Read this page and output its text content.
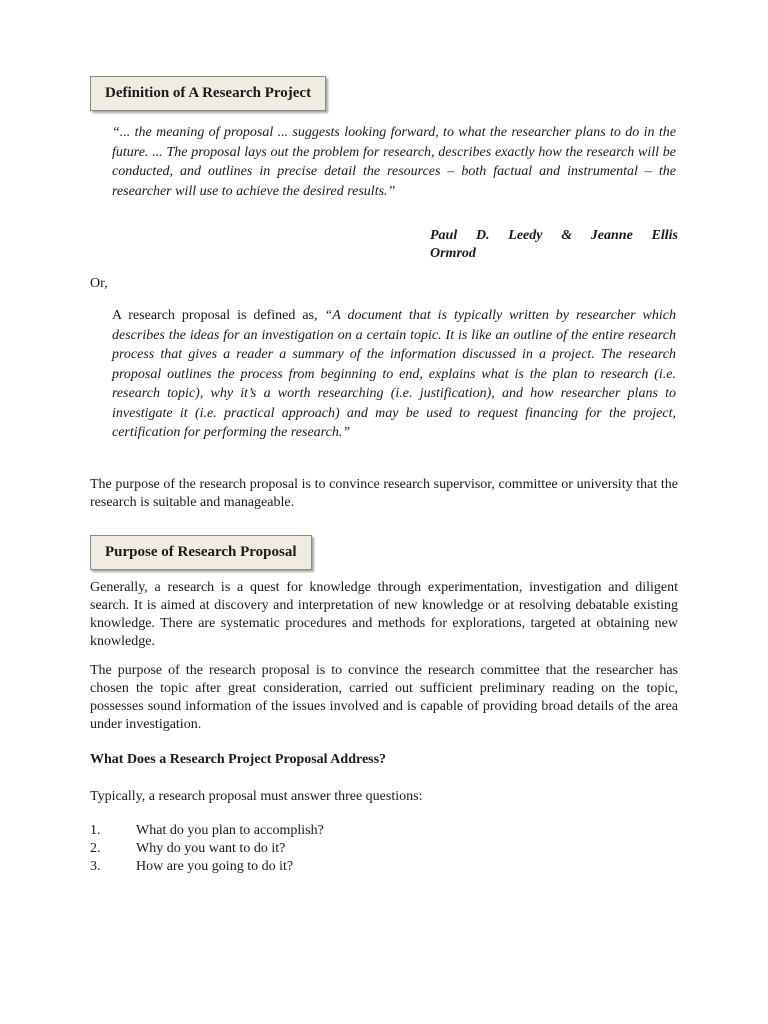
Definition of A Research Project
“... the meaning of proposal ... suggests looking forward, to what the researcher plans to do in the future. ... The proposal lays out the problem for research, describes exactly how the research will be conducted, and outlines in precise detail the resources – both factual and instrumental – the researcher will use to achieve the desired results.”
Paul D. Leedy & Jeanne Ellis
Ormrod
Or,
A research proposal is defined as, “A document that is typically written by researcher which describes the ideas for an investigation on a certain topic. It is like an outline of the entire research process that gives a reader a summary of the information discussed in a project. The research proposal outlines the process from beginning to end, explains what is the plan to research (i.e. research topic), why it’s a worth researching (i.e. justification), and how researcher plans to investigate it (i.e. practical approach) and may be used to request financing for the project, certification for performing the research.”
The purpose of the research proposal is to convince research supervisor, committee or university that the research is suitable and manageable.
Purpose of Research Proposal
Generally, a research is a quest for knowledge through experimentation, investigation and diligent search. It is aimed at discovery and interpretation of new knowledge or at resolving debatable existing knowledge. There are systematic procedures and methods for explorations, targeted at obtaining new knowledge.
The purpose of the research proposal is to convince the research committee that the researcher has chosen the topic after great consideration, carried out sufficient preliminary reading on the topic, possesses sound information of the issues involved and is capable of providing broad details of the area under investigation.
What Does a Research Project Proposal Address?
Typically, a research proposal must answer three questions:
1.	What do you plan to accomplish?
2.	Why do you want to do it?
3.	How are you going to do it?
